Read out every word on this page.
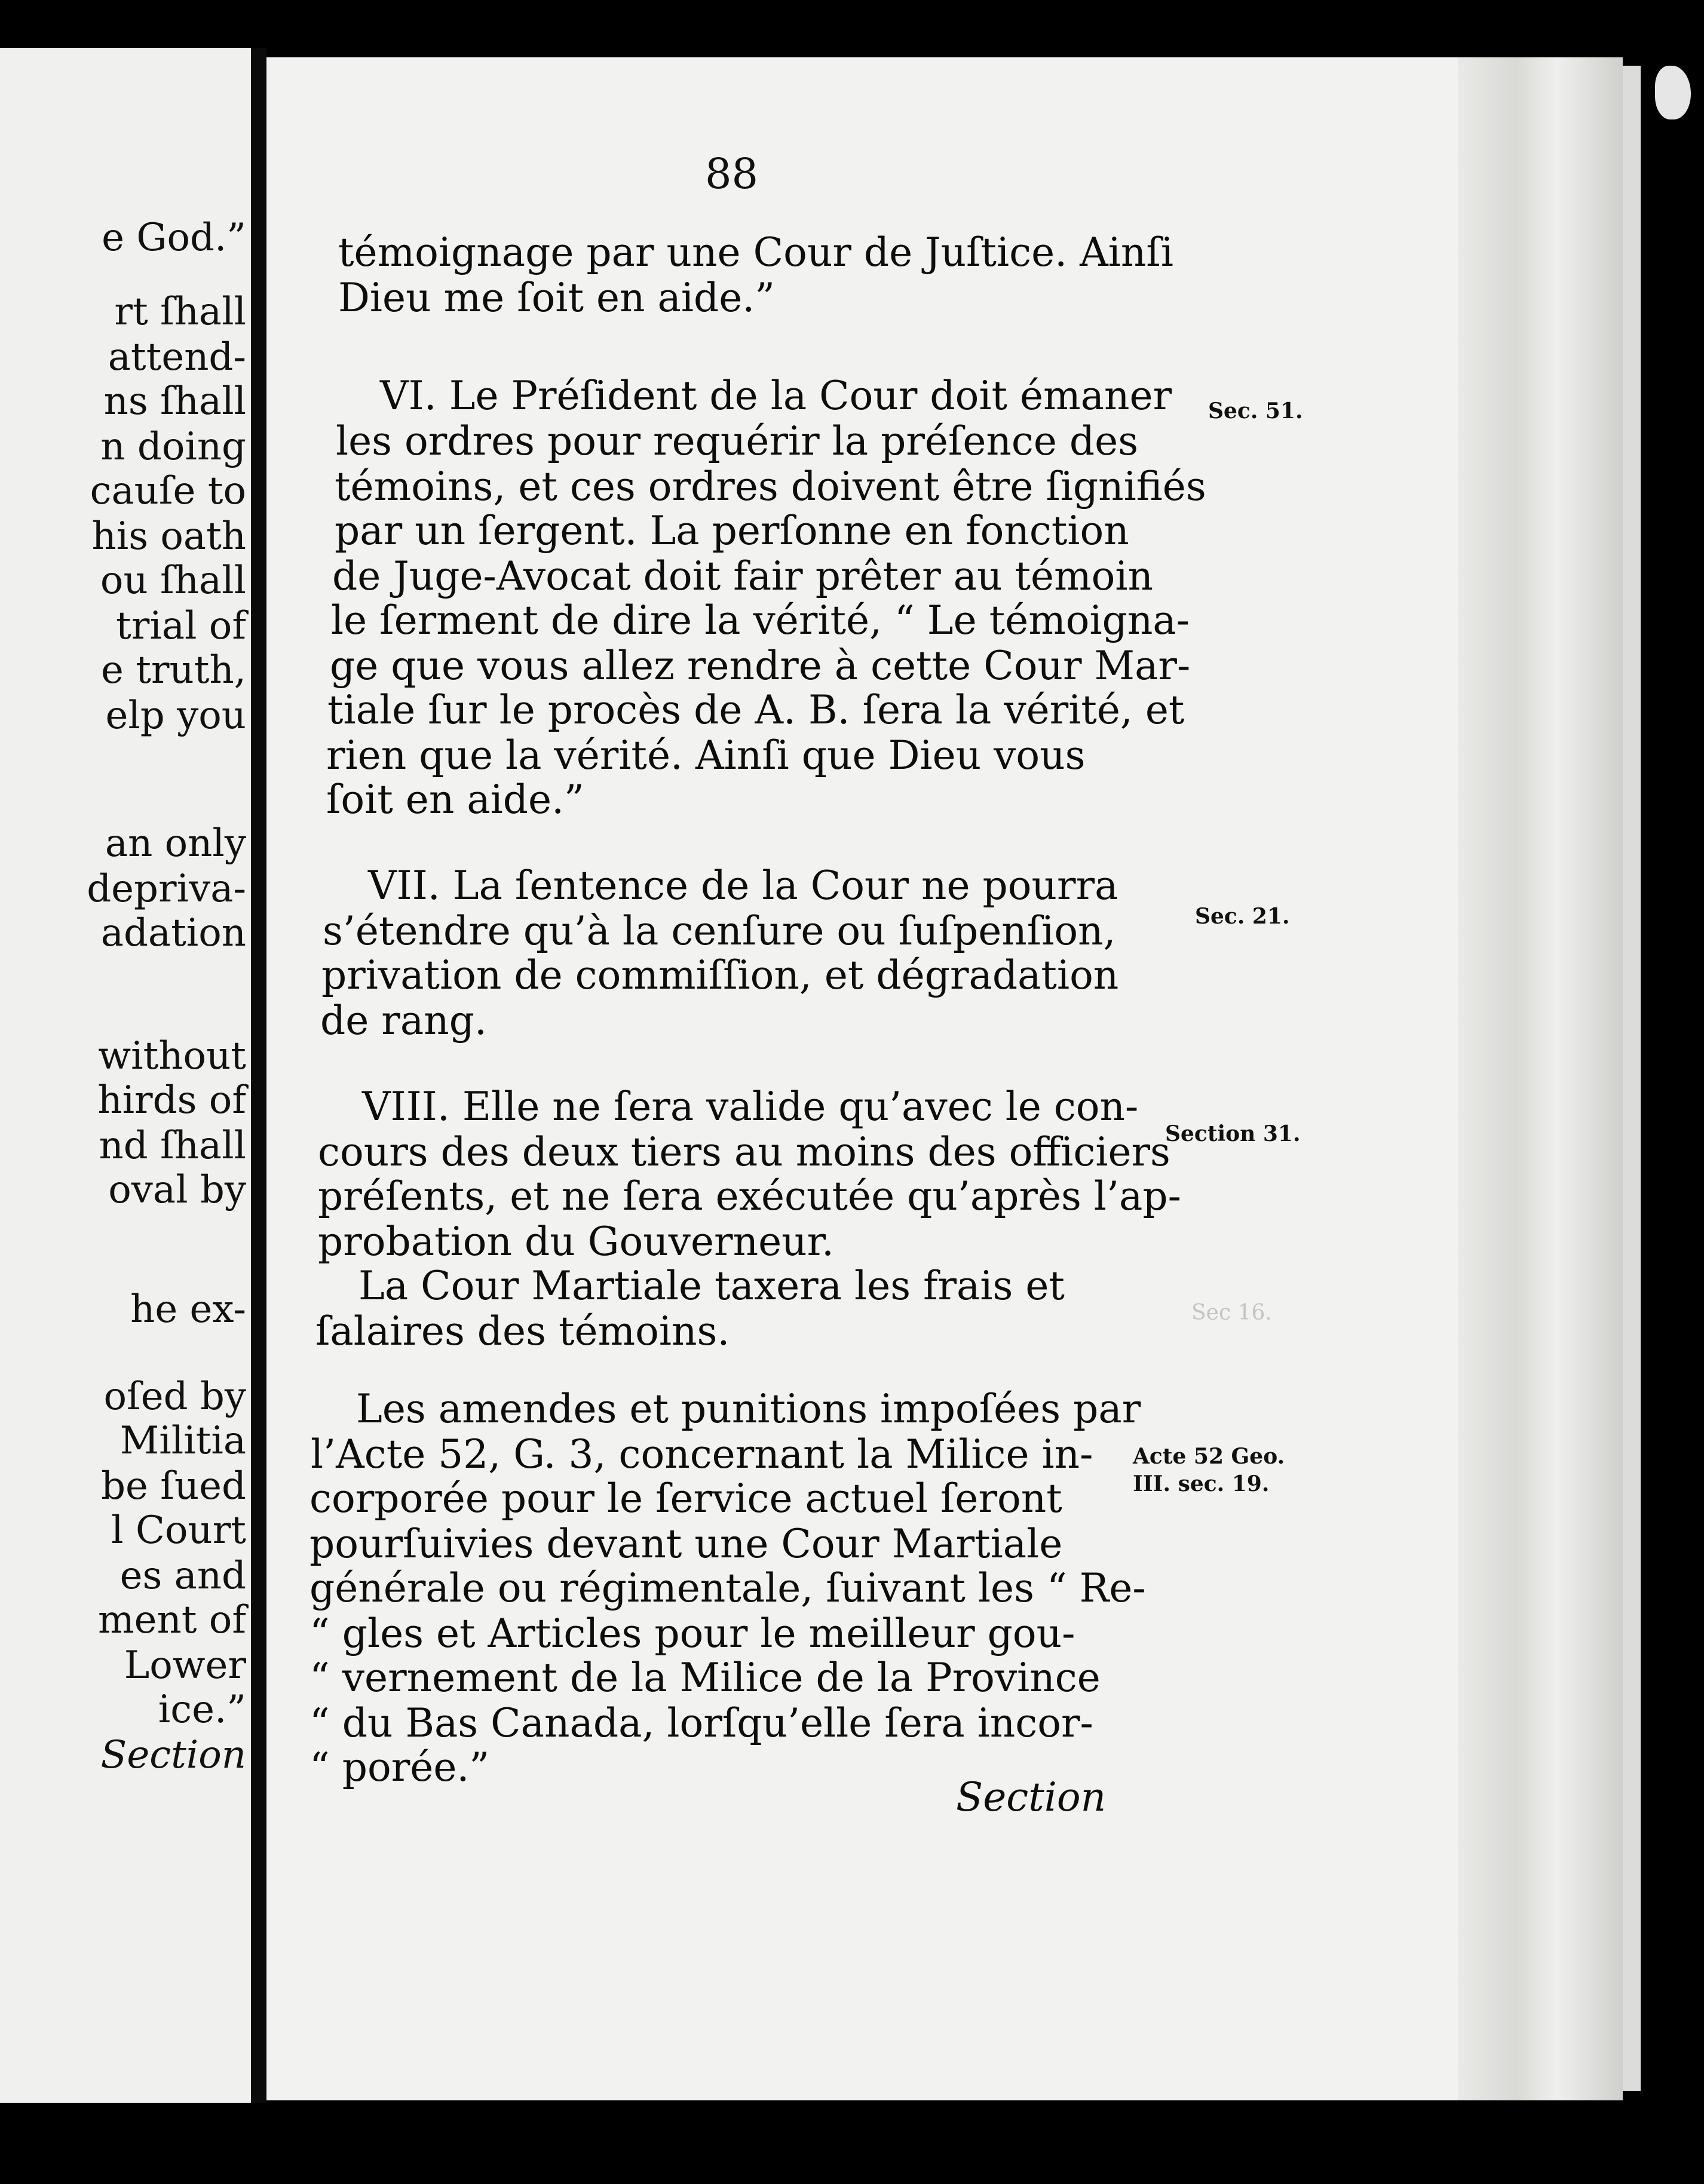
e God.”
rt ſhall
attend-
ns ſhall
n doing
cauſe to
his oath
ou ſhall
trial of
e truth,
elp you
an only
depriva-
adation
without
hirds of
nd ſhall
oval by
he ex-
oſed by
Militia
be ſued
l Court
es and
ment of
Lower
ice.”
Section
88
témoignage par une Cour de Juſtice. Ainſi
Dieu me ſoit en aide.”
VI. Le Préſident de la Cour doit émaner
les ordres pour requérir la préſence des
témoins, et ces ordres doivent être ſignifiés
par un ſergent. La perſonne en fonction
de Juge-Avocat doit fair prêter au témoin
le ſerment de dire la vérité, “ Le témoigna-
ge que vous allez rendre à cette Cour Mar-
tiale ſur le procès de A. B. ſera la vérité, et
rien que la vérité. Ainſi que Dieu vous
ſoit en aide.”
VII. La ſentence de la Cour ne pourra
s’étendre qu’à la cenſure ou ſuſpenſion,
privation de commiſſion, et dégradation
de rang.
VIII. Elle ne ſera valide qu’avec le con-
cours des deux tiers au moins des officiers
préſents, et ne ſera exécutée qu’après l’ap-
probation du Gouverneur.
La Cour Martiale taxera les frais et
ſalaires des témoins.
Les amendes et punitions impoſées par
l’Acte 52, G. 3, concernant la Milice in-
corporée pour le ſervice actuel ſeront
pourſuivies devant une Cour Martiale
générale ou régimentale, ſuivant les “ Re-
“ gles et Articles pour le meilleur gou-
“ vernement de la Milice de la Province
“ du Bas Canada, lorſqu’elle ſera incor-
“ porée.”
Section
Sec. 51.
Sec. 21.
Section 31.
Sec 16.
Acte 52 Geo.
III. sec. 19.
